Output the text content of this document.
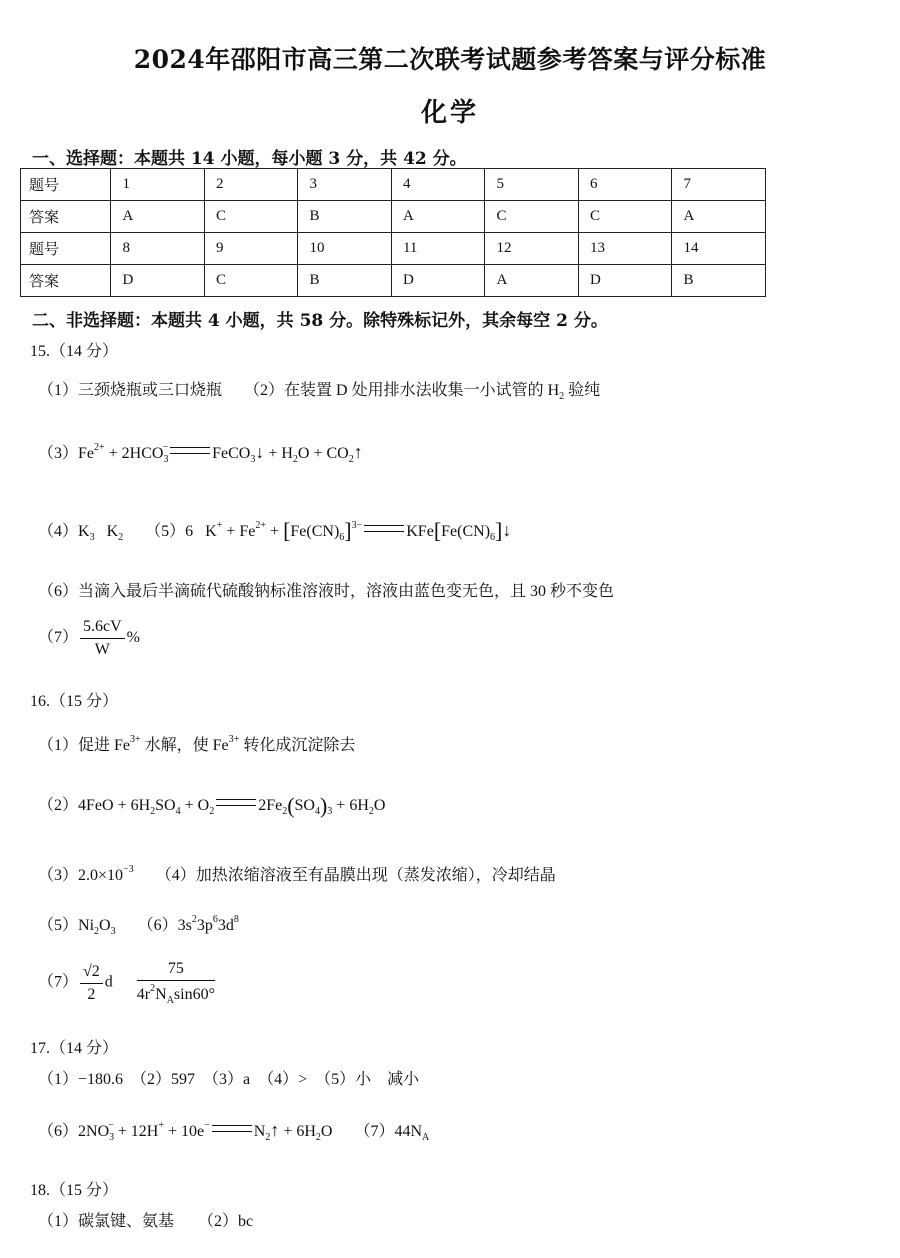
2024年邵阳市高三第二次联考试题参考答案与评分标准
化学
一、选择题：本题共 14 小题，每小题 3 分，共 42 分。
题号	1	2	3	4	5	6	7
答案	A	C	B	A	C	C	A
题号	8	9	10	11	12	13	14
答案	D	C	B	D	A	D	B
二、非选择题：本题共 4 小题，共 58 分。除特殊标记外，其余每空 2 分。
15.（14 分）
（1）三颈烧瓶或三口烧瓶 （2）在装置 D 处用排水法收集一小试管的 $H_2$ 验纯
$(3)Fe^{2+} + 2HCO_3^-$	FeCO$_3$↓ + $H_2O$ + $CO_2↑$
$(4)K_3$ $K_2$ （5）6 $K^+ + Fe^{2+} + [Fe(CN)_6]^{3-}$	$KFe[Fe(CN)_6]↓$
（6）当滴入最后半滴硫代硫酸钠标准溶液时，溶液由蓝色变无色，且 30 秒不变色
$(7) \frac{5.6cV}{W}$ %
16.（15 分）
（1）促进 $Fe^{3+}$ 水解，使 $Fe^{3+}$ 转化成沉淀除去
$(2)4FeO + 6H_2SO_4 + O_2$	$2Fe_2(SO_4)_3 + 6H_2O$
$(3)2.0\times 10^{-3}$ （4）加热浓缩溶液至有晶膜出现（蒸发浓缩），冷却结晶
$(5)Ni_2O_3$ $(6)3s^23p^63d^8$
$(7) \frac{√2}{2}$ d $\frac{75}{4r^2N_A\sin 60^\circ}$
17.（14 分）
（1）−180.6　（2）597　（3）a　（4）>　（5）小　减小
$(6)2NO_3^- + 12H^+ + 10e^-$	$N_2↑ + 6H_2O$ $(7)44N_A$
18.（15 分）
（1）碳氯键、氨基　　（2）bc
